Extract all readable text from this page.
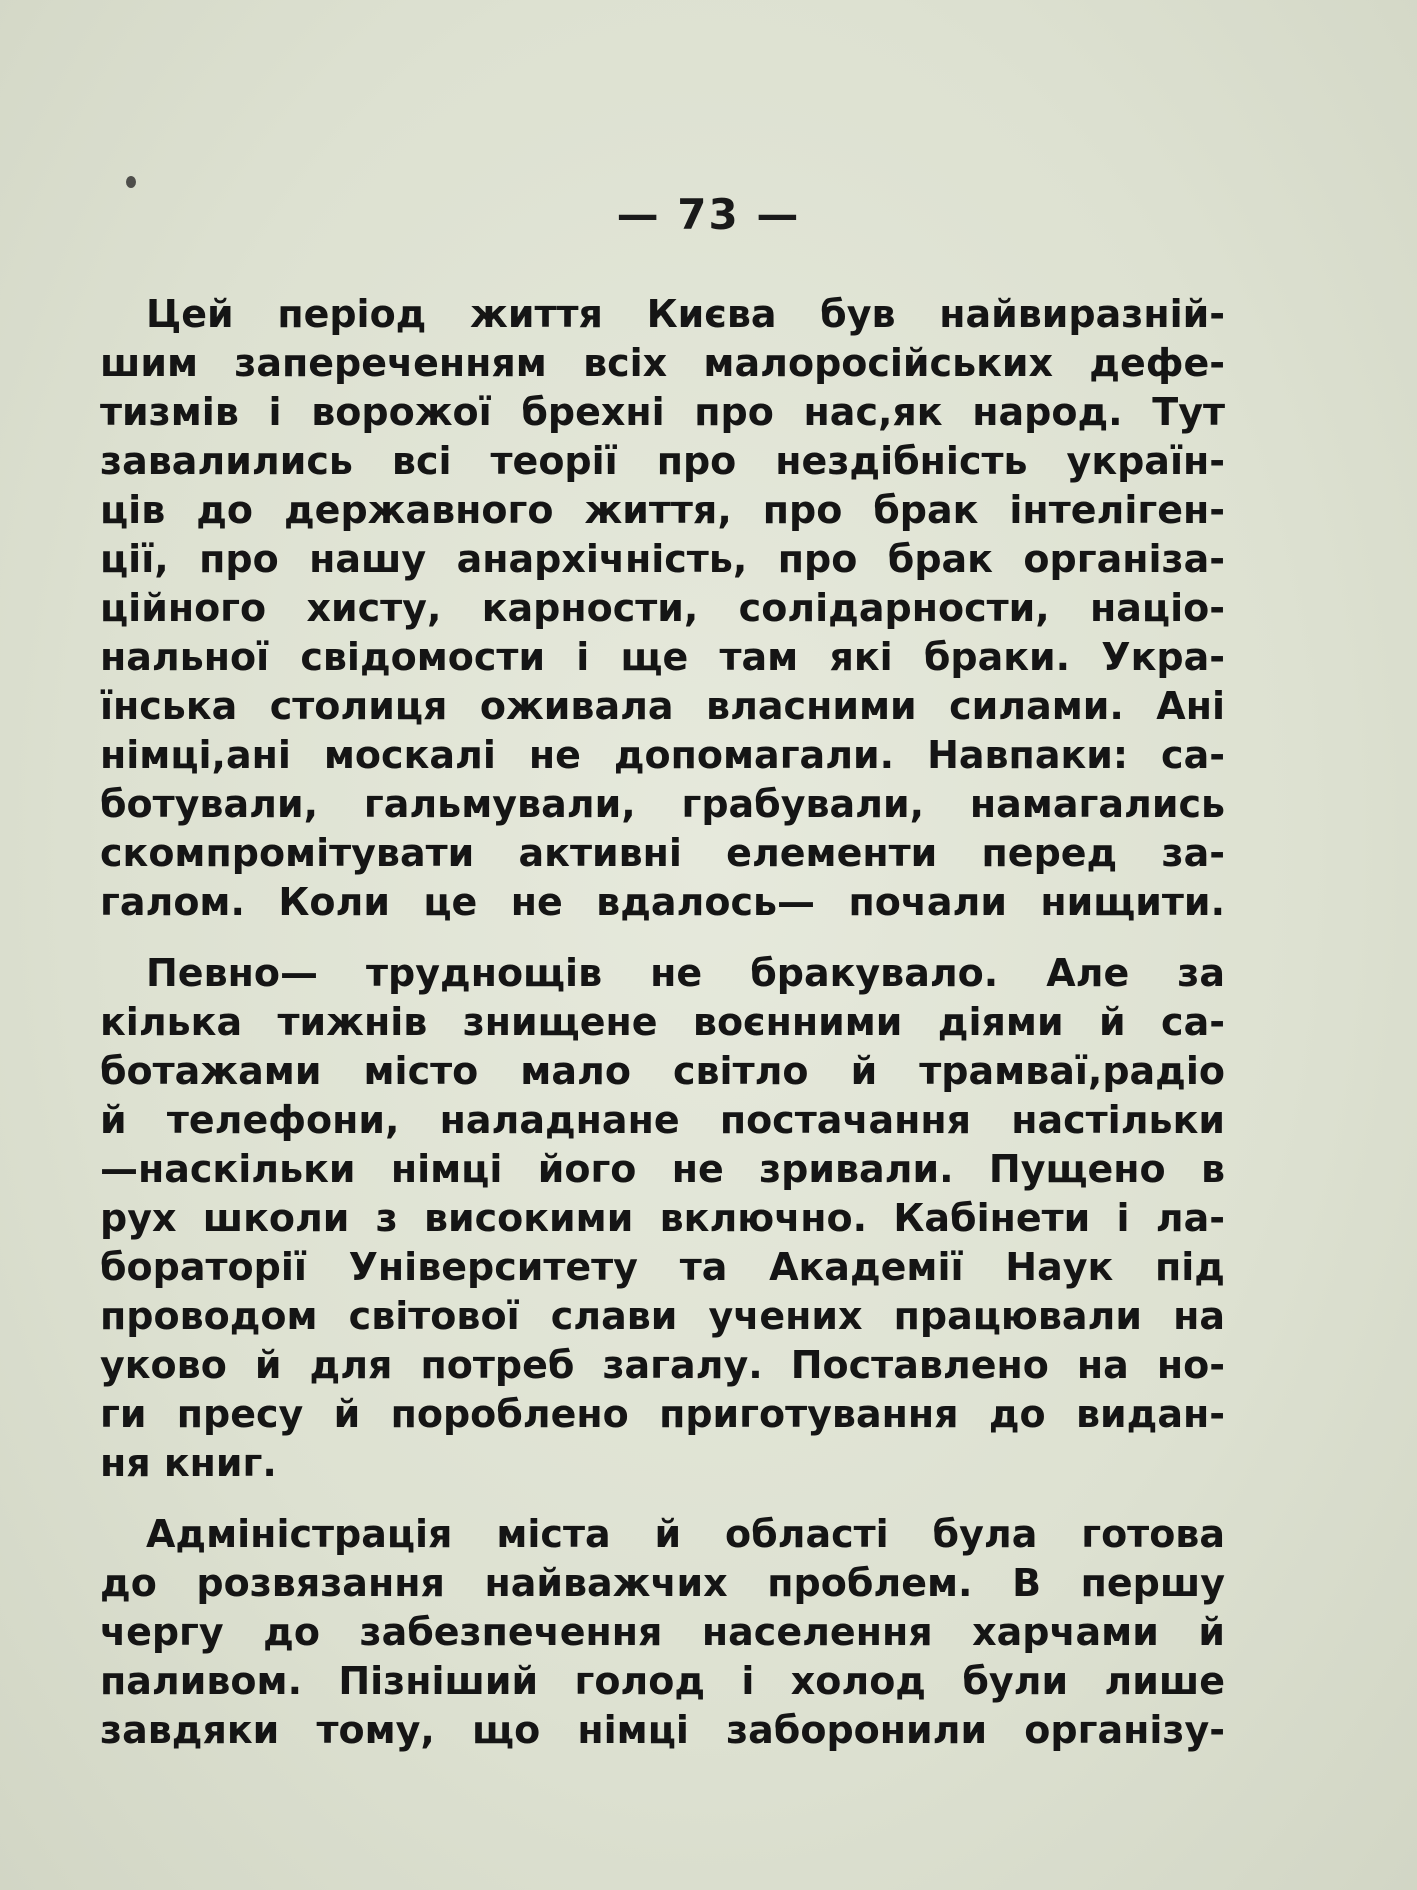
— 73 —
Цей період життя Києва був найвиразній-
шим запереченням всіх малоросійських дефе-
тизмів і ворожої брехні про нас,як народ. Тут
завалились всі теорії про нездібність україн-
ців до державного життя, про брак інтеліген-
ції, про нашу анархічність, про брак організа-
ційного хисту, карности, солідарности, націо-
нальної свідомости і ще там які браки. Укра-
їнська столиця оживала власними силами. Ані
німці,ані москалі не допомагали. Навпаки: са-
ботували, гальмували, грабували, намагались
скомпромітувати активні елементи перед за-
галом. Коли це не вдалось— почали нищити.
Певно— труднощів не бракувало. Але за
кілька тижнів знищене воєнними діями й са-
ботажами місто мало світло й трамваї,радіо
й телефони, наладнане постачання настільки
—наскільки німці його не зривали. Пущено в
рух школи з високими включно. Кабінети і ла-
бораторії Університету та Академії Наук під
проводом світової слави учених працювали на
уково й для потреб загалу. Поставлено на но-
ги пресу й пороблено приготування до видан-
ня книг.
Адміністрація міста й області була готова
до розвязання найважчих проблем. В першу
чергу до забезпечення населення харчами й
паливом. Пізніший голод і холод були лише
завдяки тому, що німці заборонили організу-
